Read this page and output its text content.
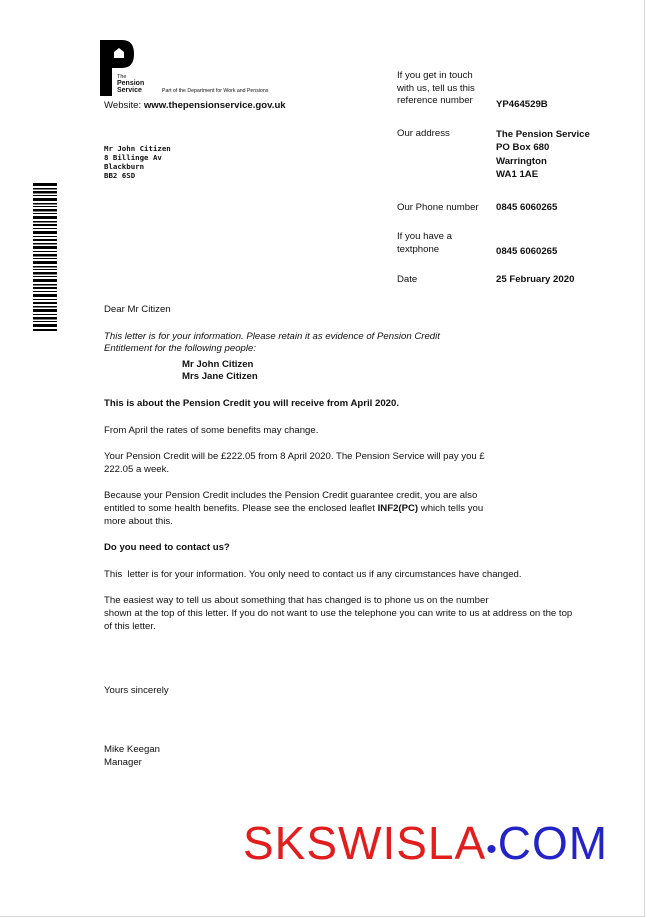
The
Pension
Service	Part of the Department for Work and Pensions
Website: www.thepensionservice.gov.uk
Mr John Citizen
8 Billinge Av
Blackburn
BB2 6SD
If you get in touch
with us, tell us this
reference number YP464529B
Our address	The Pension Service
PO Box 680
Warrington
WA1 1AE
Our Phone number 0845 6060265
If you have a
textphone	0845 6060265
Date	25 February 2020

Dear Mr Citizen

This letter is for your information. Please retain it as evidence of Pension Credit
Entitlement for the following people:
Mr John Citizen
Mrs Jane Citizen

This is about the Pension Credit you will receive from April 2020.

From April the rates of some benefits may change.

Your Pension Credit will be £222.05 from 8 April 2020. The Pension Service will pay you £
222.05 a week.
Because your Pension Credit includes the Pension Credit guarantee credit, you are also
entitled to some health benefits. Please see the enclosed leaflet INF2(PC) which tells you
more about this.

Do you need to contact us?

This  letter is for your information. You only need to contact us if any circumstances have changed.

The easiest way to tell us about something that has changed is to phone us on the number
shown at the top of this letter. If you do not want to use the telephone you can write to us at address on the top
of this letter.
Yours sincerely
Mike Keegan
Manager
SKSWISLA•COM
